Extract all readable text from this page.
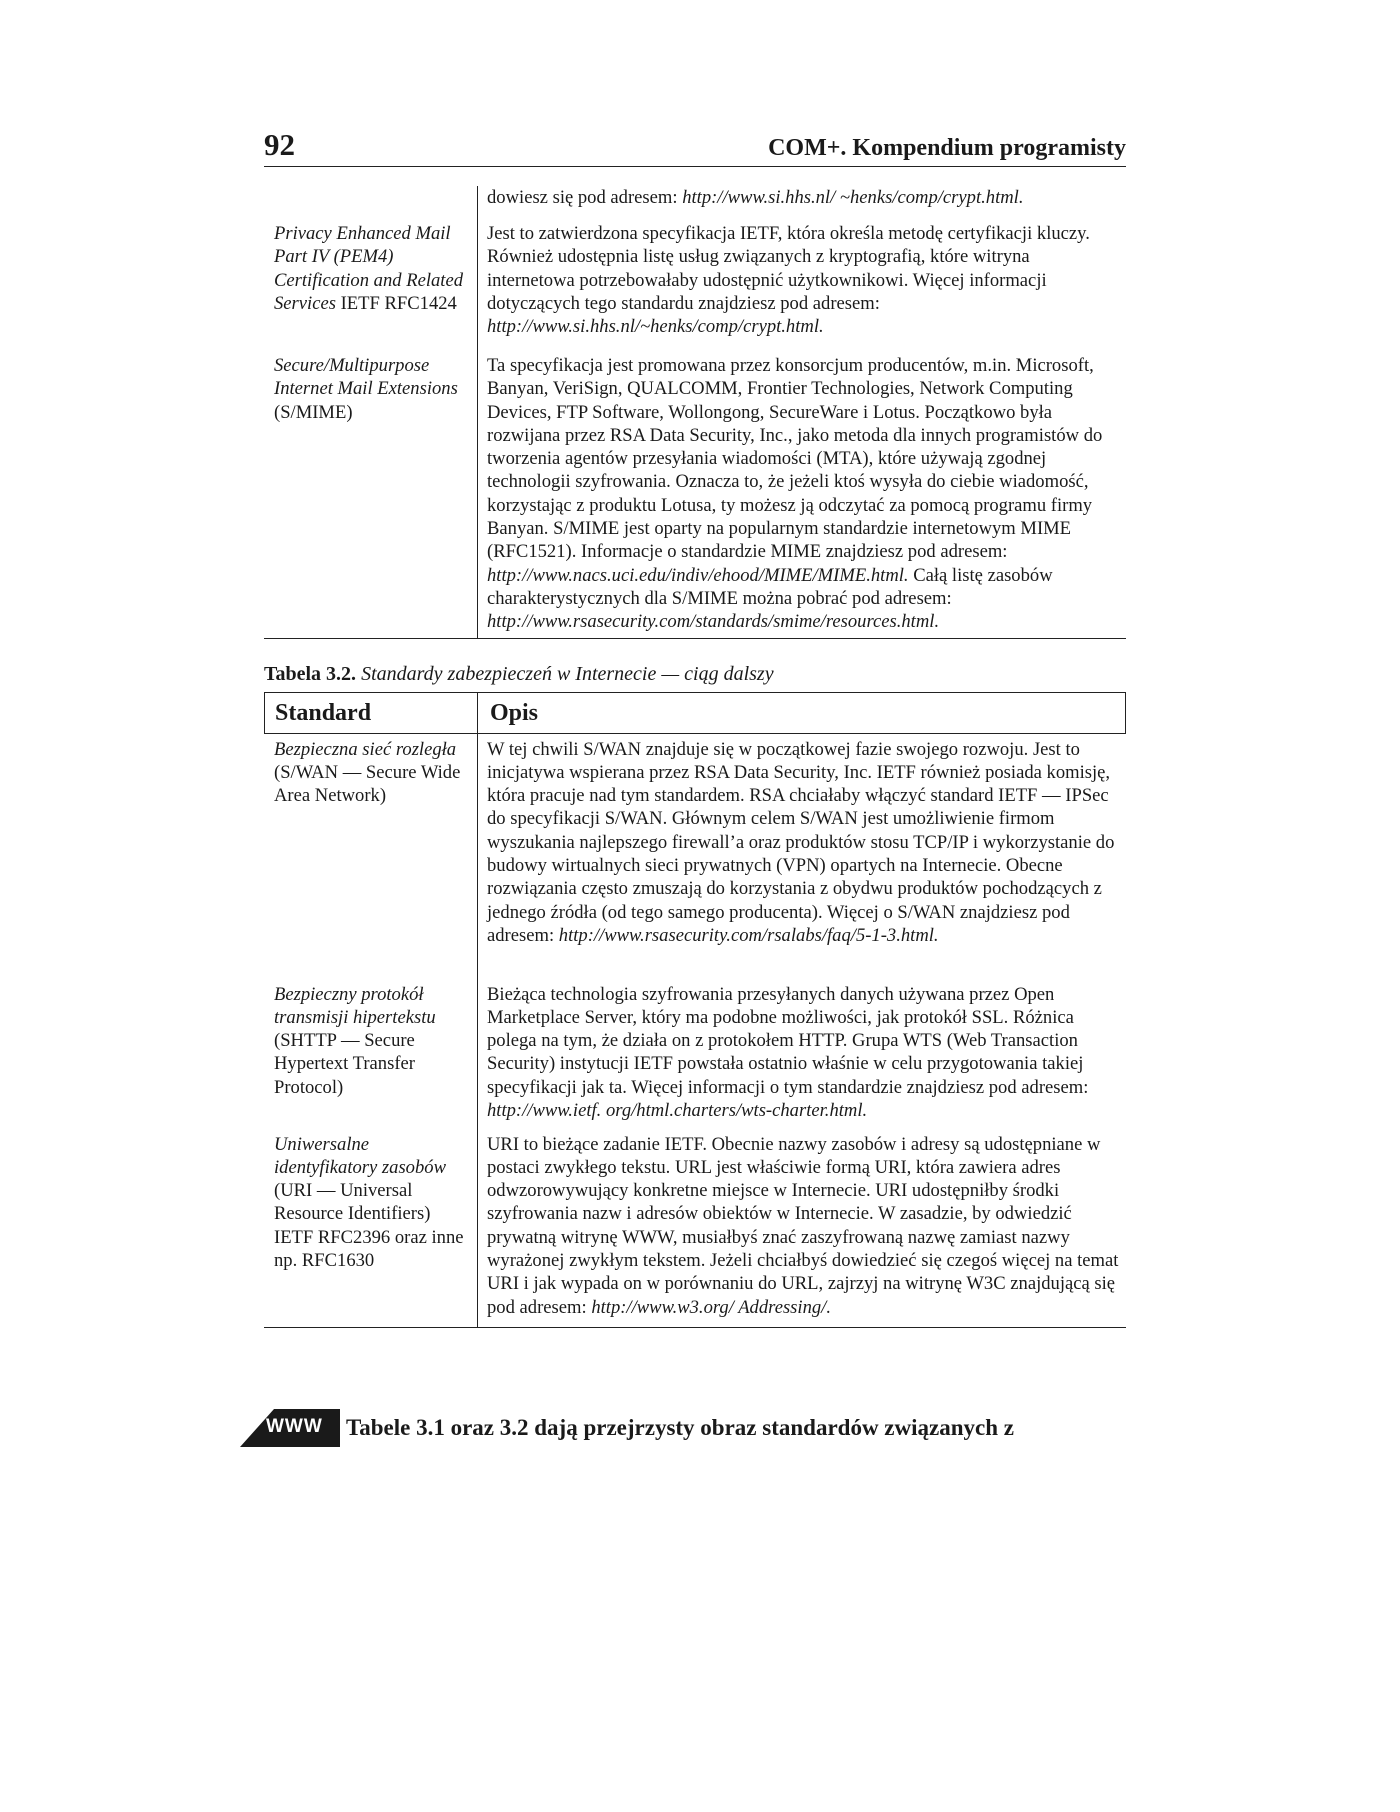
92	COM+. Kompendium programisty
dowiesz się pod adresem: http://www.si.hhs.nl/ ~henks/comp/crypt.html.
Privacy Enhanced Mail Part IV (PEM4) Certification and Related Services IETF RFC1424
Jest to zatwierdzona specyfikacja IETF, która określa metodę certyfikacji kluczy. Również udostępnia listę usług związanych z kryptografią, które witryna internetowa potrzebowałaby udostępnić użytkownikowi. Więcej informacji dotyczących tego standardu znajdziesz pod adresem: http://www.si.hhs.nl/~henks/comp/crypt.html.
Secure/Multipurpose Internet Mail Extensions (S/MIME)
Ta specyfikacja jest promowana przez konsorcjum producentów, m.in. Microsoft, Banyan, VeriSign, QUALCOMM, Frontier Technologies, Network Computing Devices, FTP Software, Wollongong, SecureWare i Lotus. Początkowo była rozwijana przez RSA Data Security, Inc., jako metoda dla innych programistów do tworzenia agentów przesyłania wiadomości (MTA), które używają zgodnej technologii szyfrowania. Oznacza to, że jeżeli ktoś wysyła do ciebie wiadomość, korzystając z produktu Lotusa, ty możesz ją odczytać za pomocą programu firmy Banyan. S/MIME jest oparty na popularnym standardzie internetowym MIME (RFC1521). Informacje o standardzie MIME znajdziesz pod adresem: http://www.nacs.uci.edu/indiv/ehood/MIME/MIME.html. Całą listę zasobów charakterystycznych dla S/MIME można pobrać pod adresem: http://www.rsasecurity.com/standards/smime/resources.html.
Tabela 3.2. Standardy zabezpieczeń w Internecie — ciąg dalszy
Standard	Opis
Bezpieczna sieć rozległa (S/WAN — Secure Wide Area Network)
W tej chwili S/WAN znajduje się w początkowej fazie swojego rozwoju. Jest to inicjatywa wspierana przez RSA Data Security, Inc. IETF również posiada komisję, która pracuje nad tym standardem. RSA chciałaby włączyć standard IETF — IPSec do specyfikacji S/WAN. Głównym celem S/WAN jest umożliwienie firmom wyszukania najlepszego firewall’a oraz produktów stosu TCP/IP i wykorzystanie do budowy wirtualnych sieci prywatnych (VPN) opartych na Internecie. Obecne rozwiązania często zmuszają do korzystania z obydwu produktów pochodzących z jednego źródła (od tego samego producenta). Więcej o S/WAN znajdziesz pod adresem: http://www.rsasecurity.com/rsalabs/faq/5-1-3.html.
Bezpieczny protokół transmisji hipertekstu (SHTTP — Secure Hypertext Transfer Protocol)
Bieżąca technologia szyfrowania przesyłanych danych używana przez Open Marketplace Server, który ma podobne możliwości, jak protokół SSL. Różnica polega na tym, że działa on z protokołem HTTP. Grupa WTS (Web Transaction Security) instytucji IETF powstała ostatnio właśnie w celu przygotowania takiej specyfikacji jak ta. Więcej informacji o tym standardzie znajdziesz pod adresem: http://www.ietf. org/html.charters/wts-charter.html.
Uniwersalne identyfikatory zasobów (URI — Universal Resource Identifiers) IETF RFC2396 oraz inne np. RFC1630
URI to bieżące zadanie IETF. Obecnie nazwy zasobów i adresy są udostępniane w postaci zwykłego tekstu. URL jest właściwie formą URI, która zawiera adres odwzorowywujący konkretne miejsce w Internecie. URI udostępniłby środki szyfrowania nazw i adresów obiektów w Internecie. W zasadzie, by odwiedzić prywatną witrynę WWW, musiałbyś znać zaszyfrowaną nazwę zamiast nazwy wyrażonej zwykłym tekstem. Jeżeli chciałbyś dowiedzieć się czegoś więcej na temat URI i jak wypada on w porównaniu do URL, zajrzyj na witrynę W3C znajdującą się pod adresem: http://www.w3.org/ Addressing/.
WWW Tabele 3.1 oraz 3.2 dają przejrzysty obraz standardów związanych z
